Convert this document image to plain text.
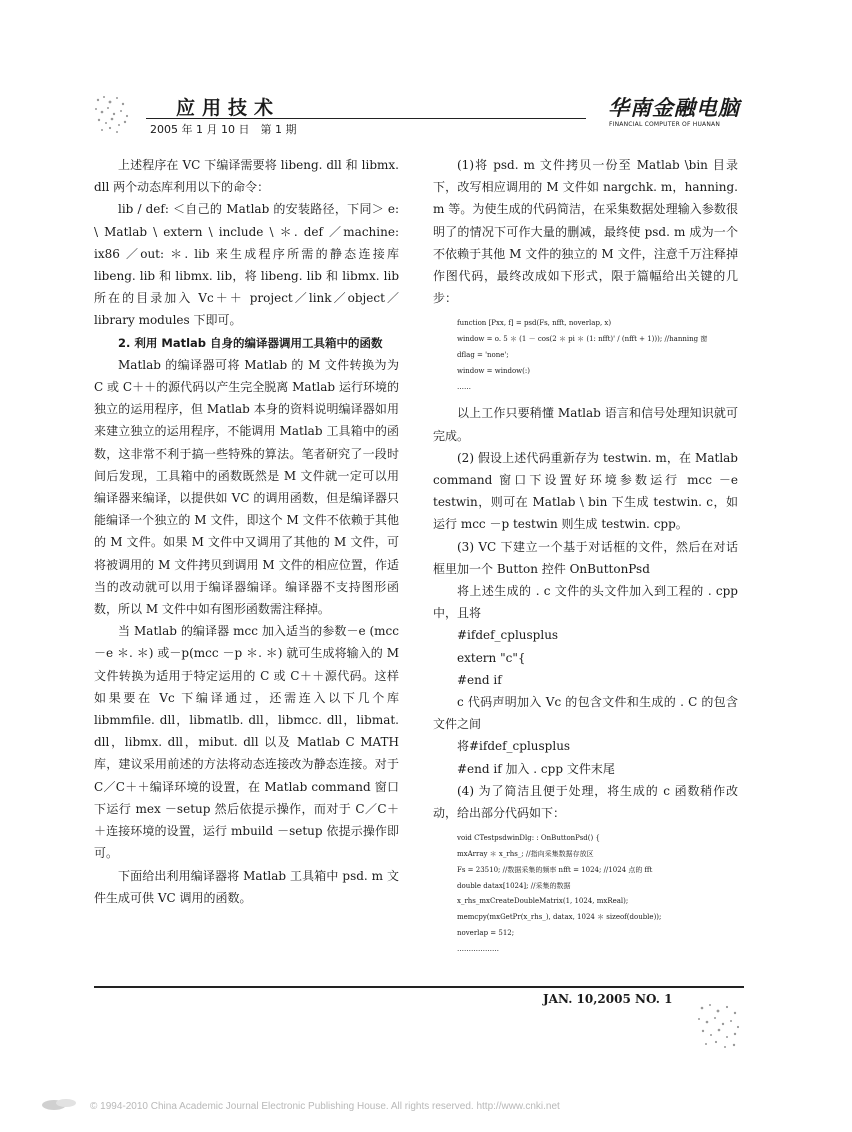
应用技术
2005 年 1 月 10 日　第 1 期
华南金融电脑
FINANCIAL COMPUTER OF HUANAN

上述程序在 VC 下编译需要将 libeng. dll 和 libmx. dll 两个动态库利用以下的命令：

lib / def: ＜自己的 Matlab 的安装路径，下同＞ e: \ Matlab \ extern \ include \ ＊. def ／machine: ix86 ／out: ＊. lib 来生成程序所需的静态连接库 libeng. lib 和 libmx. lib，将 libeng. lib 和 libmx. lib 所在的目录加入 Vc＋＋ project／link／object／library modules 下即可。

2. 利用 Matlab 自身的编译器调用工具箱中的函数

Matlab 的编译器可将 Matlab 的 M 文件转换为为 C 或 C＋＋的源代码以产生完全脱离 Matlab 运行环境的独立的运用程序，但 Matlab 本身的资料说明编译器如用来建立独立的运用程序，不能调用 Matlab 工具箱中的函数，这非常不利于搞一些特殊的算法。笔者研究了一段时间后发现，工具箱中的函数既然是 M 文件就一定可以用编译器来编译，以提供如 VC 的调用函数，但是编译器只能编译一个独立的 M 文件，即这个 M 文件不依赖于其他的 M 文件。如果 M 文件中又调用了其他的 M 文件，可将被调用的 M 文件拷贝到调用 M 文件的相应位置，作适当的改动就可以用于编译器编译。编译器不支持图形函数，所以 M 文件中如有图形函数需注释掉。

当 Matlab 的编译器 mcc 加入适当的参数－e (mcc －e ＊. ＊) 或－p(mcc －p ＊. ＊) 就可生成将输入的 M 文件转换为适用于特定运用的 C 或 C＋＋源代码。这样如果要在 Vc 下编译通过，还需连入以下几个库 libmmfile. dll，libmatlb. dll，libmcc. dll，libmat. dll，libmx. dll，mibut. dll 以及 Matlab C MATH 库，建议采用前述的方法将动态连接改为静态连接。对于 C／C＋＋编译环境的设置，在 Matlab command 窗口下运行 mex －setup 然后依提示操作，而对于 C／C＋＋连接环境的设置，运行 mbuild －setup 依提示操作即可。

下面给出利用编译器将 Matlab 工具箱中 psd. m 文件生成可供 VC 调用的函数。

(1)将 psd. m 文件拷贝一份至 Matlab \bin 目录下，改写相应调用的 M 文件如 nargchk. m，hanning. m 等。为使生成的代码简洁，在采集数据处理输入参数很明了的情况下可作大量的删减，最终使 psd. m 成为一个不依赖于其他 M 文件的独立的 M 文件，注意千万注释掉作图代码，最终改成如下形式，限于篇幅给出关键的几步：

function [Pxx, f] = psd(Fs, nfft, noverlap, x)
window = o. 5 ＊ (1 － cos(2 ＊ pi ＊ (1: nfft)' / (nfft + 1))); //hanning 窗
dflag = 'none';
window = window(:)
……

以上工作只要稍懂 Matlab 语言和信号处理知识就可完成。

(2) 假设上述代码重新存为 testwin. m，在 Matlab command 窗口下设置好环境参数运行 mcc －e testwin，则可在 Matlab \ bin 下生成 testwin. c，如运行 mcc －p testwin 则生成 testwin. cpp。

(3) VC 下建立一个基于对话框的文件，然后在对话框里加一个 Button 控件 OnButtonPsd

将上述生成的 . c 文件的头文件加入到工程的 . cpp 中，且将

#ifdef_cplusplus

extern "c"{

#end if

c 代码声明加入 Vc 的包含文件和生成的 . C 的包含文件之间

将#ifdef_cplusplus

#end if 加入 . cpp 文件末尾

(4) 为了简洁且便于处理，将生成的 c 函数稍作改动，给出部分代码如下：

void CTestpsdwinDlg: : OnButtonPsd() {
mxArray ＊ x_rhs_; //指向采集数据存放区
Fs = 23510; //数据采集的频率 nfft = 1024; //1024 点的 fft
double datax[1024]; //采集的数据
x_rhs_mxCreateDoubleMatrix(1, 1024, mxReal);
memcpy(mxGetPr(x_rhs_), datax, 1024 ＊ sizeof(double));
noverlap = 512;
………………
JAN. 10,2005 NO. 1
© 1994-2010 China Academic Journal Electronic Publishing House. All rights reserved. http://www.cnki.net
